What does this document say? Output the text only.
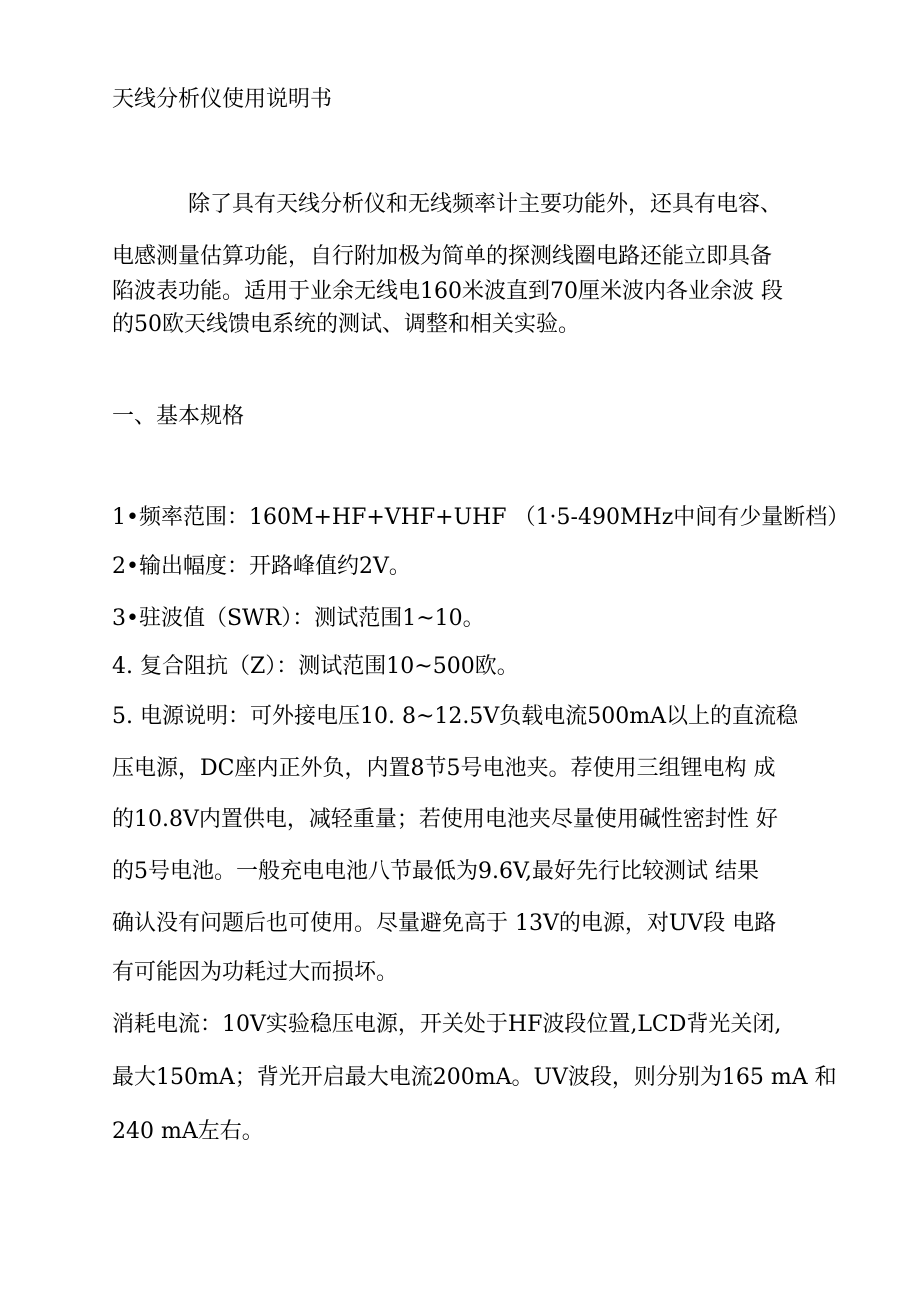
天线分析仪使用说明书
除了具有天线分析仪和无线频率计主要功能外，还具有电容、
电感测量估算功能，自行附加极为简单的探测线圈电路还能立即具备
陷波表功能。适用于业余无线电160米波直到70厘米波内各业余波 段
的50欧天线馈电系统的测试、调整和相关实验。
一、基本规格
1•频率范围：160M+HF+VHF+UHF （1·5-490MHz中间有少量断档）
2•输出幅度：开路峰值约2V。
3•驻波值（SWR）：测试范围1~10。
4. 复合阻抗（Z）：测试范围10~500欧。
5. 电源说明：可外接电压10. 8~12.5V负载电流500mA以上的直流稳
压电源，DC座内正外负，内置8节5号电池夹。荐使用三组锂电构 成
的10.8V内置供电，减轻重量；若使用电池夹尽量使用碱性密封性 好
的5号电池。一般充电电池八节最低为9.6V,最好先行比较测试 结果
确认没有问题后也可使用。尽量避免高于 13V的电源，对UV段 电路
有可能因为功耗过大而损坏。
消耗电流：10V实验稳压电源，开关处于HF波段位置,LCD背光关闭,
最大150mA；背光开启最大电流200mA。UV波段，则分别为165 mA 和
240 mA左右。
